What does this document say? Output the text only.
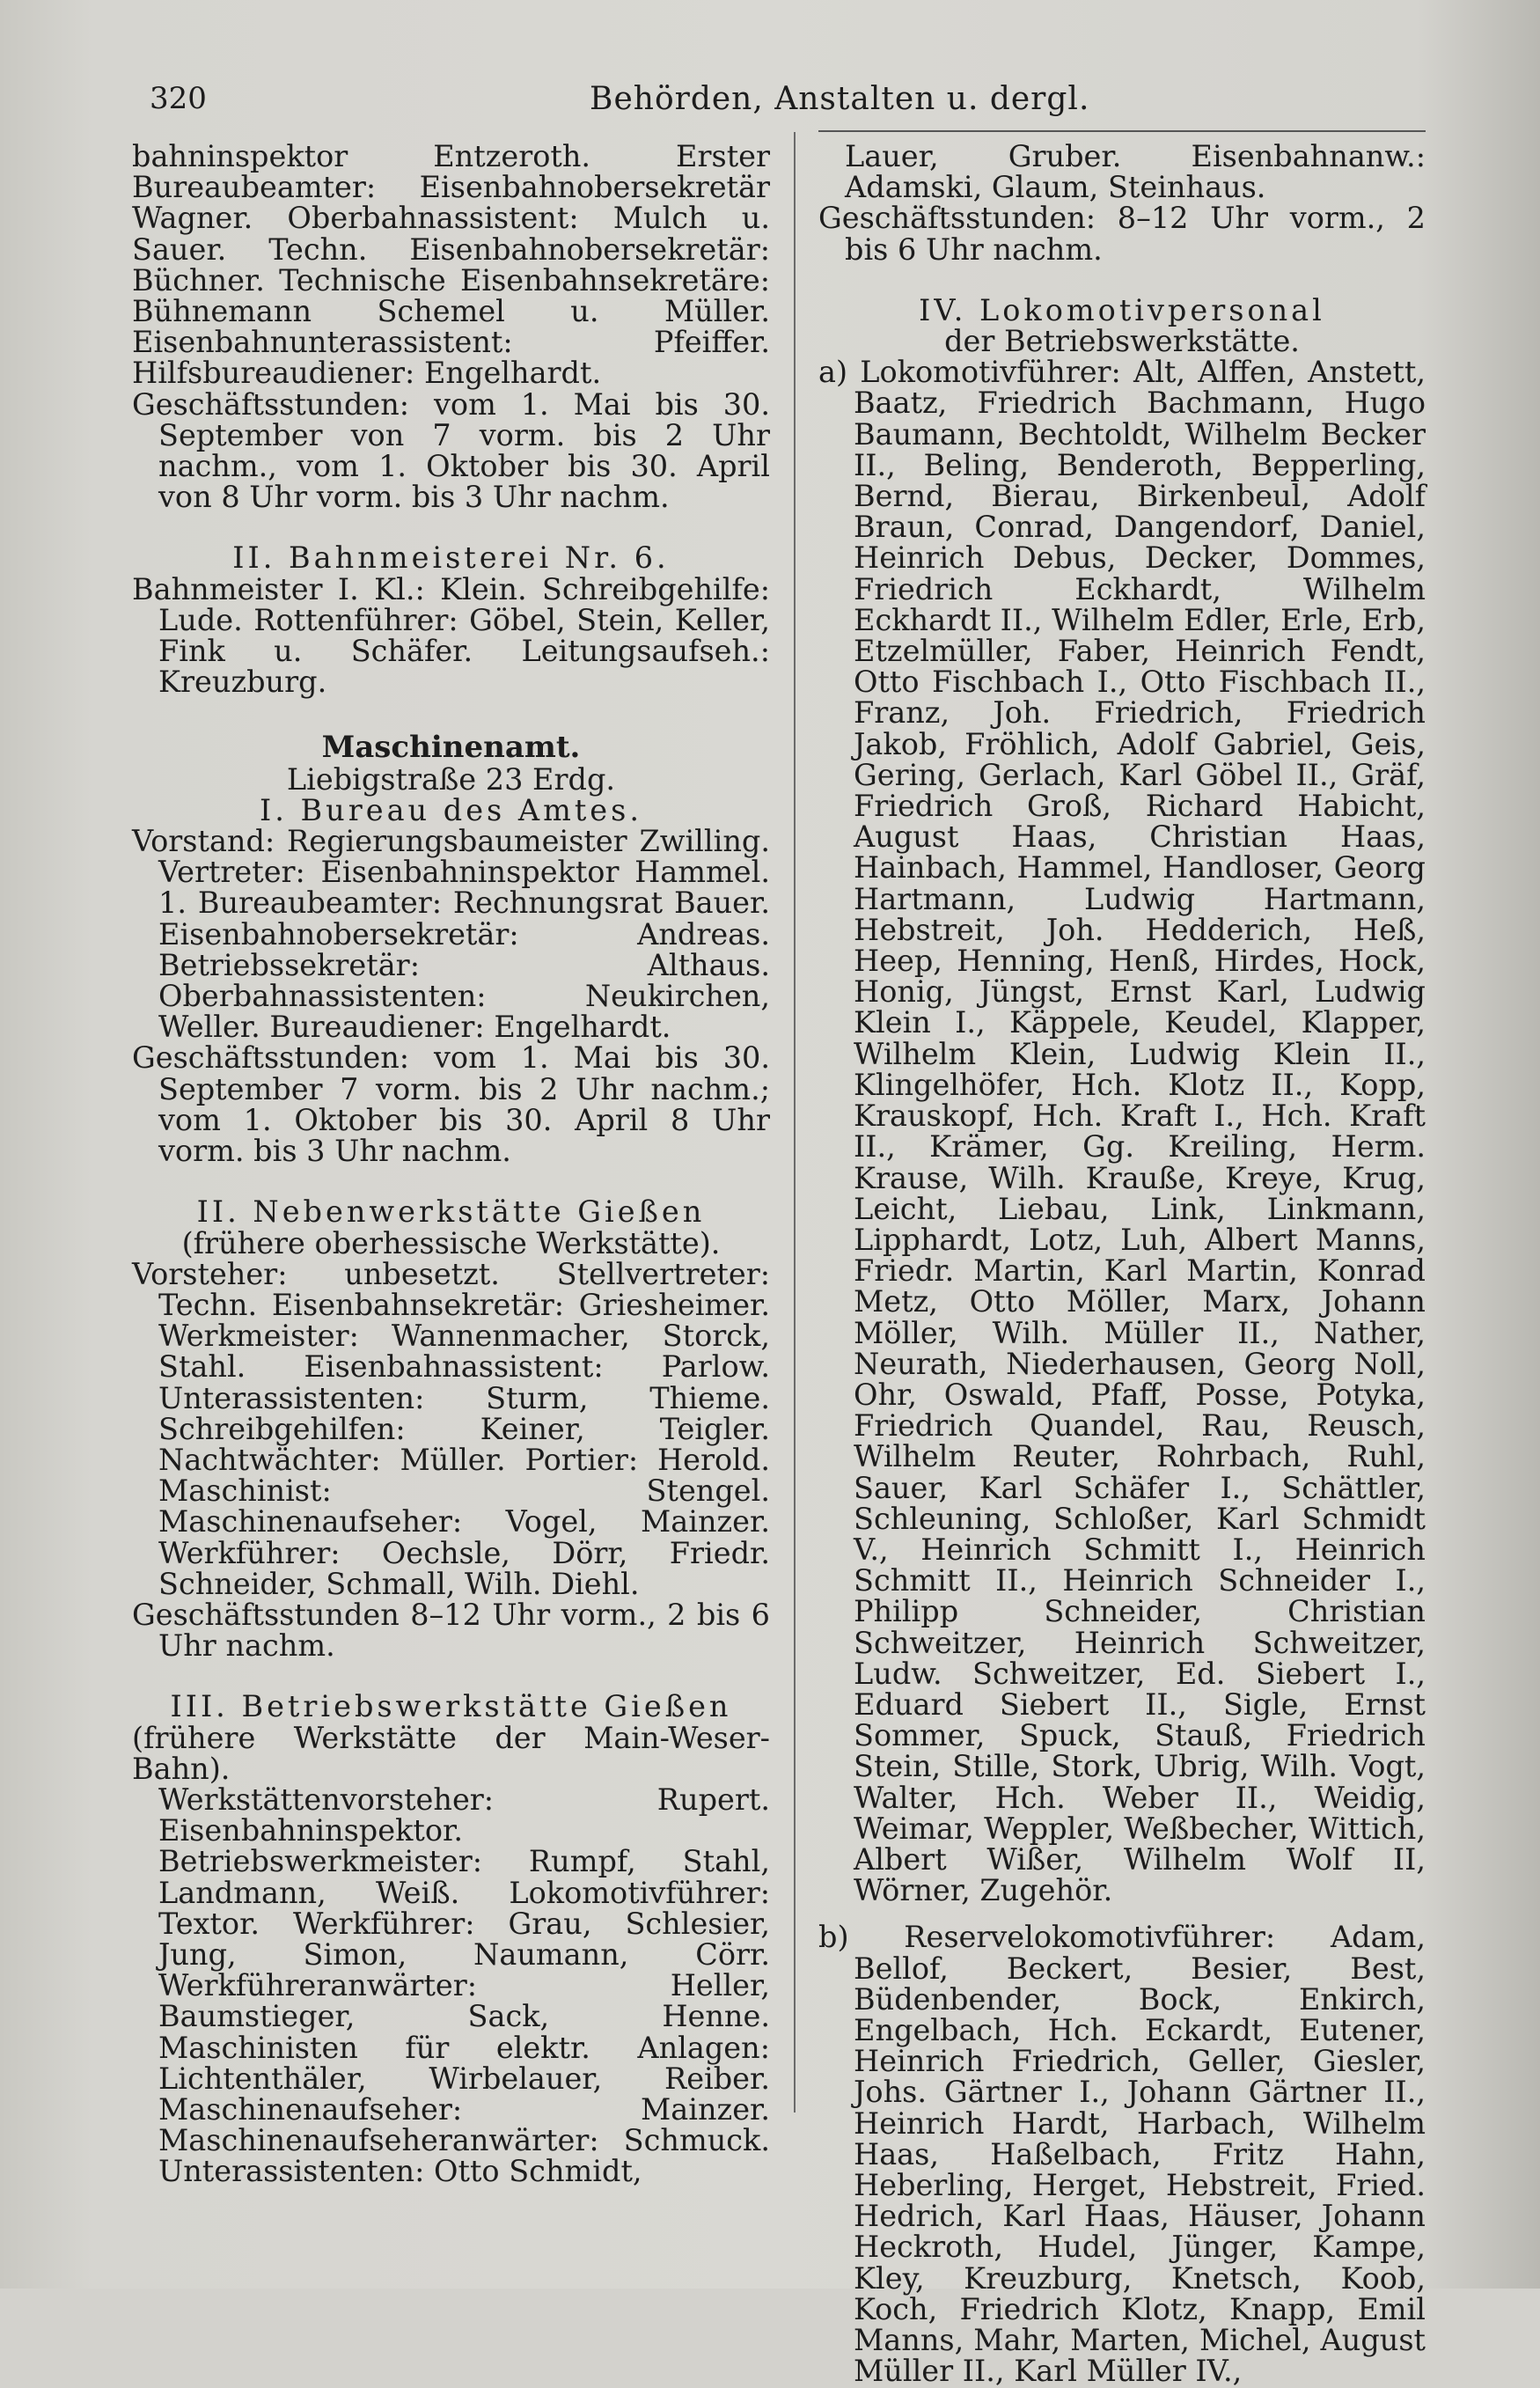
320	Behörden, Anstalten u. dergl.

bahninspektor Entzeroth. Erster Bureaubeamter: Eisenbahnobersekretär Wagner. Oberbahnassistent: Mulch u. Sauer. Techn. Eisenbahnobersekretär: Büchner. Technische Eisenbahnsekretäre: Bühnemann Schemel u. Müller. Eisenbahnunterassistent: Pfeiffer. Hilfsbureaudiener: Engelhardt.

Geschäftsstunden: vom 1. Mai bis 30. September von 7 vorm. bis 2 Uhr nachm., vom 1. Oktober bis 30. April von 8 Uhr vorm. bis 3 Uhr nachm.

II. Bahnmeisterei Nr. 6.

Bahnmeister I. Kl.: Klein. Schreibgehilfe: Lude. Rottenführer: Göbel, Stein, Keller, Fink u. Schäfer. Leitungsaufseh.: Kreuzburg.

Maschinenamt.

Liebigstraße 23 Erdg.

I. Bureau des Amtes.

Vorstand: Regierungsbaumeister Zwilling. Vertreter: Eisenbahninspektor Hammel. 1. Bureaubeamter: Rechnungsrat Bauer. Eisenbahnobersekretär: Andreas. Betriebssekretär: Althaus. Oberbahnassistenten: Neukirchen, Weller. Bureaudiener: Engelhardt.

Geschäftsstunden: vom 1. Mai bis 30. September 7 vorm. bis 2 Uhr nachm.; vom 1. Oktober bis 30. April 8 Uhr vorm. bis 3 Uhr nachm.

II. Nebenwerkstätte Gießen

(frühere oberhessische Werkstätte).

Vorsteher: unbesetzt. Stellvertreter: Techn. Eisenbahnsekretär: Griesheimer. Werkmeister: Wannenmacher, Storck, Stahl. Eisenbahnassistent: Parlow. Unterassistenten: Sturm, Thieme. Schreibgehilfen: Keiner, Teigler. Nachtwächter: Müller. Portier: Herold. Maschinist: Stengel. Maschinenaufseher: Vogel, Mainzer. Werkführer: Oechsle, Dörr, Friedr. Schneider, Schmall, Wilh. Diehl.

Geschäftsstunden 8–12 Uhr vorm., 2 bis 6 Uhr nachm.

III. Betriebswerkstätte Gießen

(frühere Werkstätte der Main-Weser-Bahn).

Werkstättenvorsteher: Rupert. Eisenbahninspektor. Betriebswerkmeister: Rumpf, Stahl, Landmann, Weiß. Lokomotivführer: Textor. Werkführer: Grau, Schlesier, Jung, Simon, Naumann, Cörr. Werkführeranwärter: Heller, Baumstieger, Sack, Henne. Maschinisten für elektr. Anlagen: Lichtenthäler, Wirbelauer, Reiber. Maschinenaufseher: Mainzer. Maschinenaufseheranwärter: Schmuck. Unterassistenten: Otto Schmidt,

Lauer, Gruber. Eisenbahnanw.: Adamski, Glaum, Steinhaus.

Geschäftsstunden: 8–12 Uhr vorm., 2 bis 6 Uhr nachm.

IV. Lokomotivpersonal

der Betriebswerkstätte.

a) Lokomotivführer: Alt, Alffen, Anstett, Baatz, Friedrich Bachmann, Hugo Baumann, Bechtoldt, Wilhelm Becker II., Beling, Benderoth, Bepperling, Bernd, Bierau, Birkenbeul, Adolf Braun, Conrad, Dangendorf, Daniel, Heinrich Debus, Decker, Dommes, Friedrich Eckhardt, Wilhelm Eckhardt II., Wilhelm Edler, Erle, Erb, Etzelmüller, Faber, Heinrich Fendt, Otto Fischbach I., Otto Fischbach II., Franz, Joh. Friedrich, Friedrich Jakob, Fröhlich, Adolf Gabriel, Geis, Gering, Gerlach, Karl Göbel II., Gräf, Friedrich Groß, Richard Habicht, August Haas, Christian Haas, Hainbach, Hammel, Handloser, Georg Hartmann, Ludwig Hartmann, Hebstreit, Joh. Hedderich, Heß, Heep, Henning, Henß, Hirdes, Hock, Honig, Jüngst, Ernst Karl, Ludwig Klein I., Käppele, Keudel, Klapper, Wilhelm Klein, Ludwig Klein II., Klingelhöfer, Hch. Klotz II., Kopp, Krauskopf, Hch. Kraft I., Hch. Kraft II., Krämer, Gg. Kreiling, Herm. Krause, Wilh. Krauße, Kreye, Krug, Leicht, Liebau, Link, Linkmann, Lipphardt, Lotz, Luh, Albert Manns, Friedr. Martin, Karl Martin, Konrad Metz, Otto Möller, Marx, Johann Möller, Wilh. Müller II., Nather, Neurath, Niederhausen, Georg Noll, Ohr, Oswald, Pfaff, Posse, Potyka, Friedrich Quandel, Rau, Reusch, Wilhelm Reuter, Rohrbach, Ruhl, Sauer, Karl Schäfer I., Schättler, Schleuning, Schloßer, Karl Schmidt V., Heinrich Schmitt I., Heinrich Schmitt II., Heinrich Schneider I., Philipp Schneider, Christian Schweitzer, Heinrich Schweitzer, Ludw. Schweitzer, Ed. Siebert I., Eduard Siebert II., Sigle, Ernst Sommer, Spuck, Stauß, Friedrich Stein, Stille, Stork, Ubrig, Wilh. Vogt, Walter, Hch. Weber II., Weidig, Weimar, Weppler, Weßbecher, Wittich, Albert Wißer, Wilhelm Wolf II, Wörner, Zugehör.

b) Reservelokomotivführer: Adam, Bellof, Beckert, Besier, Best, Büdenbender, Bock, Enkirch, Engelbach, Hch. Eckardt, Eutener, Heinrich Friedrich, Geller, Giesler, Johs. Gärtner I., Johann Gärtner II., Heinrich Hardt, Harbach, Wilhelm Haas, Haßelbach, Fritz Hahn, Heberling, Herget, Hebstreit, Fried. Hedrich, Karl Haas, Häuser, Johann Heckroth, Hudel, Jünger, Kampe, Kley, Kreuzburg, Knetsch, Koob, Koch, Friedrich Klotz, Knapp, Emil Manns, Mahr, Marten, Michel, August Müller II., Karl Müller IV.,
